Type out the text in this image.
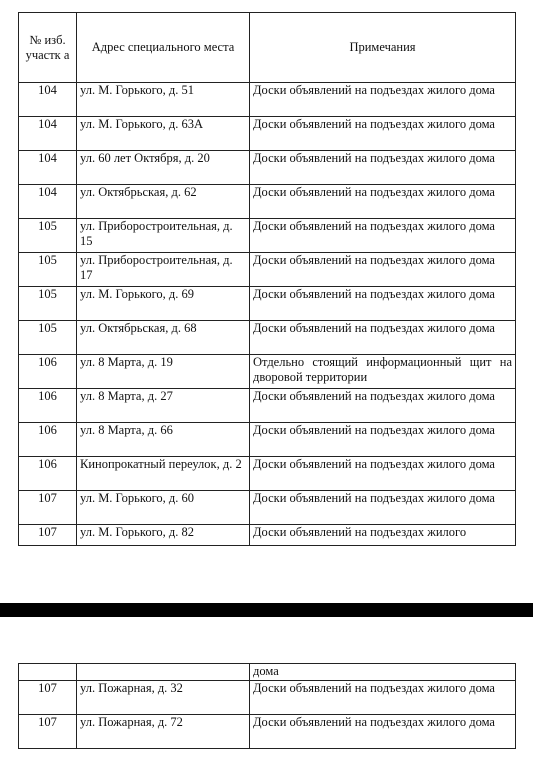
№ изб. участк а	Адрес специального места	Примечания
104	ул. М. Горького, д. 51	Доски объявлений на подъездах жилого дома
104	ул. М. Горького, д. 63А	Доски объявлений на подъездах жилого дома
104	ул. 60 лет Октября, д. 20	Доски объявлений на подъездах жилого дома
104	ул. Октябрьская, д. 62	Доски объявлений на подъездах жилого дома
105	ул. Приборостроительная, д. 15	Доски объявлений на подъездах жилого дома
105	ул. Приборостроительная, д. 17	Доски объявлений на подъездах жилого дома
105	ул. М. Горького, д. 69	Доски объявлений на подъездах жилого дома
105	ул. Октябрьская, д. 68	Доски объявлений на подъездах жилого дома
106	ул. 8 Марта, д. 19	Отдельно стоящий информационный щит на дворовой территории
106	ул. 8 Марта, д. 27	Доски объявлений на подъездах жилого дома
106	ул. 8 Марта, д. 66	Доски объявлений на подъездах жилого дома
106	Кинопрокатный переулок, д. 2	Доски объявлений на подъездах жилого дома
107	ул. М. Горького, д. 60	Доски объявлений на подъездах жилого дома
107	ул. М. Горького, д. 82	Доски объявлений на подъездах жилого
		дома
107	ул. Пожарная, д. 32	Доски объявлений на подъездах жилого дома
107	ул. Пожарная, д. 72	Доски объявлений на подъездах жилого дома
